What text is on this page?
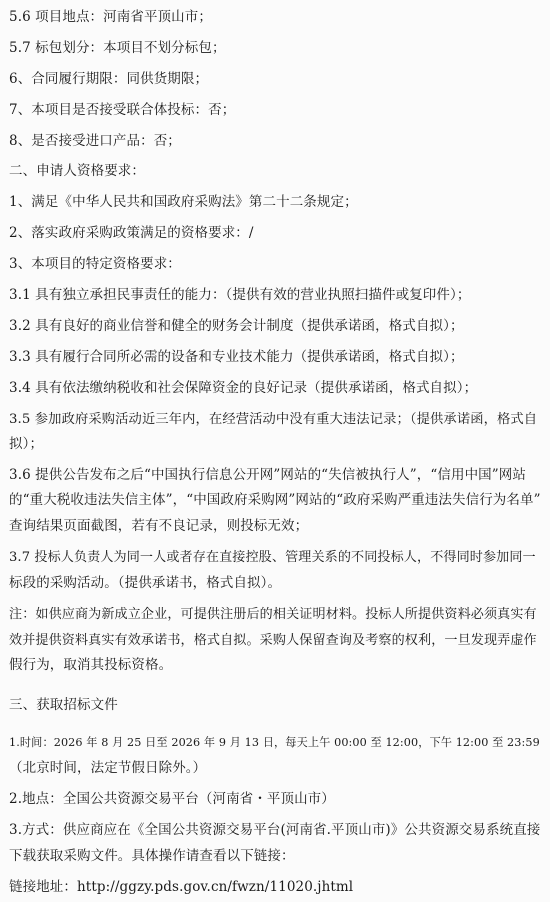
5.6 项目地点：河南省平顶山市；
5.7 标包划分：本项目不划分标包；
6、合同履行期限：同供货期限；
7、本项目是否接受联合体投标：否；
8、是否接受进口产品：否；
二、申请人资格要求：
1、满足《中华人民共和国政府采购法》第二十二条规定；
2、落实政府采购政策满足的资格要求：/
3、本项目的特定资格要求：
3.1 具有独立承担民事责任的能力：（提供有效的营业执照扫描件或复印件）；
3.2 具有良好的商业信誉和健全的财务会计制度（提供承诺函，格式自拟）；
3.3 具有履行合同所必需的设备和专业技术能力（提供承诺函，格式自拟）；
3.4 具有依法缴纳税收和社会保障资金的良好记录（提供承诺函，格式自拟）；
3.5 参加政府采购活动近三年内，在经营活动中没有重大违法记录；（提供承诺函，格式自
拟）；
3.6 提供公告发布之后“中国执行信息公开网”网站的“失信被执行人”，“信用中国”网站
的“重大税收违法失信主体”，“中国政府采购网”网站的“政府采购严重违法失信行为名单”
查询结果页面截图，若有不良记录，则投标无效；
3.7 投标人负责人为同一人或者存在直接控股、管理关系的不同投标人，不得同时参加同一
标段的采购活动。（提供承诺书，格式自拟）。
注：如供应商为新成立企业，可提供注册后的相关证明材料。投标人所提供资料必须真实有
效并提供资料真实有效承诺书，格式自拟。采购人保留查询及考察的权利，一旦发现弄虚作
假行为，取消其投标资格。
三、获取招标文件
1.时间：2026 年 8 月 25 日至 2026 年 9 月 13 日，每天上午 00:00 至 12:00，下午 12:00 至 23:59
（北京时间，法定节假日除外。）
2.地点：全国公共资源交易平台（河南省・平顶山市）
3.方式：供应商应在《全国公共资源交易平台(河南省.平顶山市)》公共资源交易系统直接
下载获取采购文件。具体操作请查看以下链接：
链接地址：http://ggzy.pds.gov.cn/fwzn/11020.jhtml
